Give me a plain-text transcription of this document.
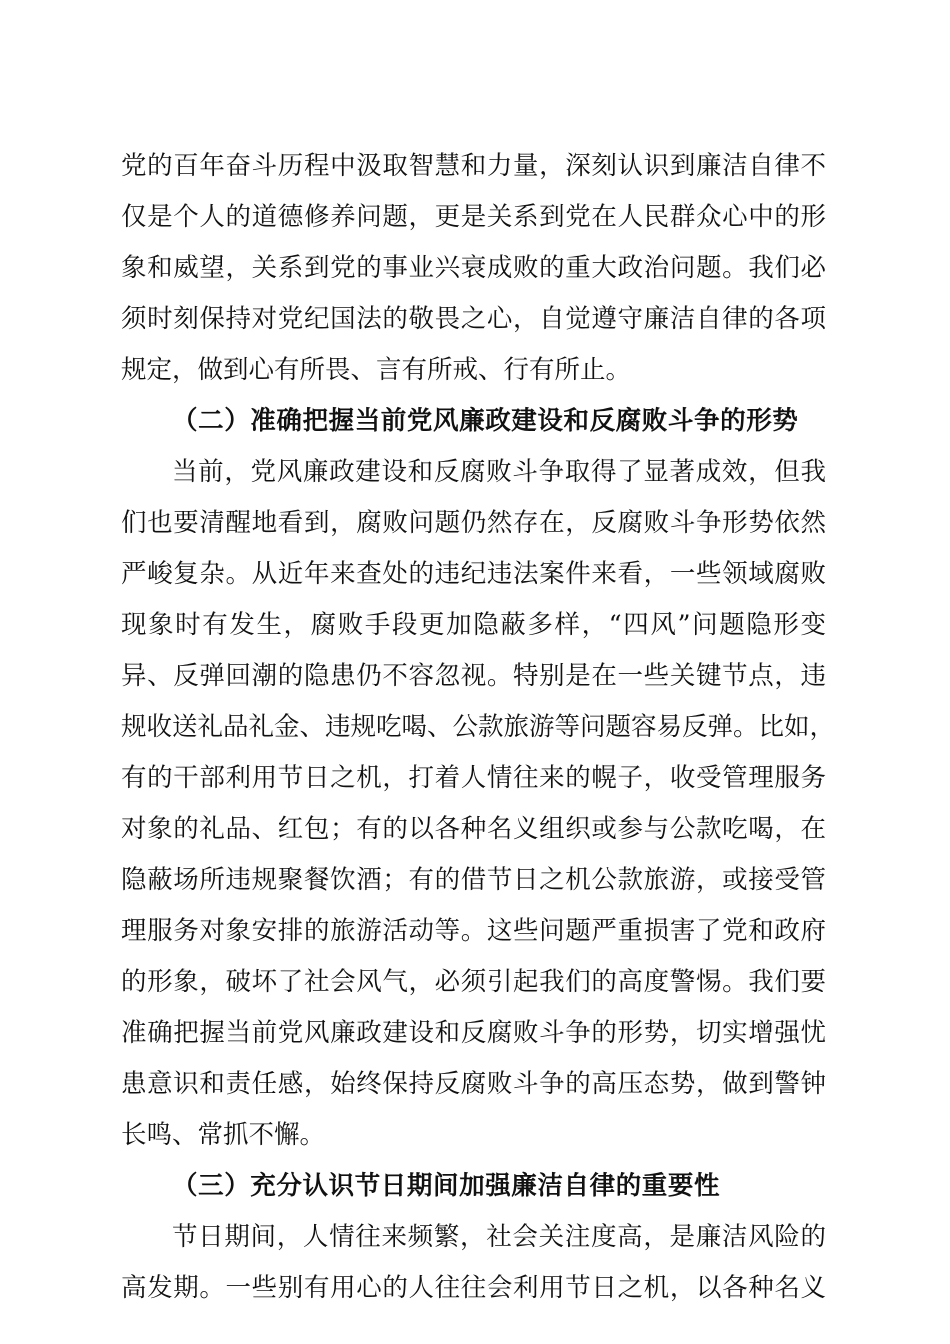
党的百年奋斗历程中汲取智慧和力量，深刻认识到廉洁自律不

仅是个人的道德修养问题，更是关系到党在人民群众心中的形

象和威望，关系到党的事业兴衰成败的重大政治问题。我们必

须时刻保持对党纪国法的敬畏之心，自觉遵守廉洁自律的各项

规定，做到心有所畏、言有所戒、行有所止。

（二）准确把握当前党风廉政建设和反腐败斗争的形势

当前，党风廉政建设和反腐败斗争取得了显著成效，但我

们也要清醒地看到，腐败问题仍然存在，反腐败斗争形势依然

严峻复杂。从近年来查处的违纪违法案件来看，一些领域腐败

现象时有发生，腐败手段更加隐蔽多样，“四风”问题隐形变

异、反弹回潮的隐患仍不容忽视。特别是在一些关键节点，违

规收送礼品礼金、违规吃喝、公款旅游等问题容易反弹。比如，

有的干部利用节日之机，打着人情往来的幌子，收受管理服务

对象的礼品、红包；有的以各种名义组织或参与公款吃喝，在

隐蔽场所违规聚餐饮酒；有的借节日之机公款旅游，或接受管

理服务对象安排的旅游活动等。这些问题严重损害了党和政府

的形象，破坏了社会风气，必须引起我们的高度警惕。我们要

准确把握当前党风廉政建设和反腐败斗争的形势，切实增强忧

患意识和责任感，始终保持反腐败斗争的高压态势，做到警钟

长鸣、常抓不懈。

（三）充分认识节日期间加强廉洁自律的重要性

节日期间，人情往来频繁，社会关注度高，是廉洁风险的

高发期。一些别有用心的人往往会利用节日之机，以各种名义
